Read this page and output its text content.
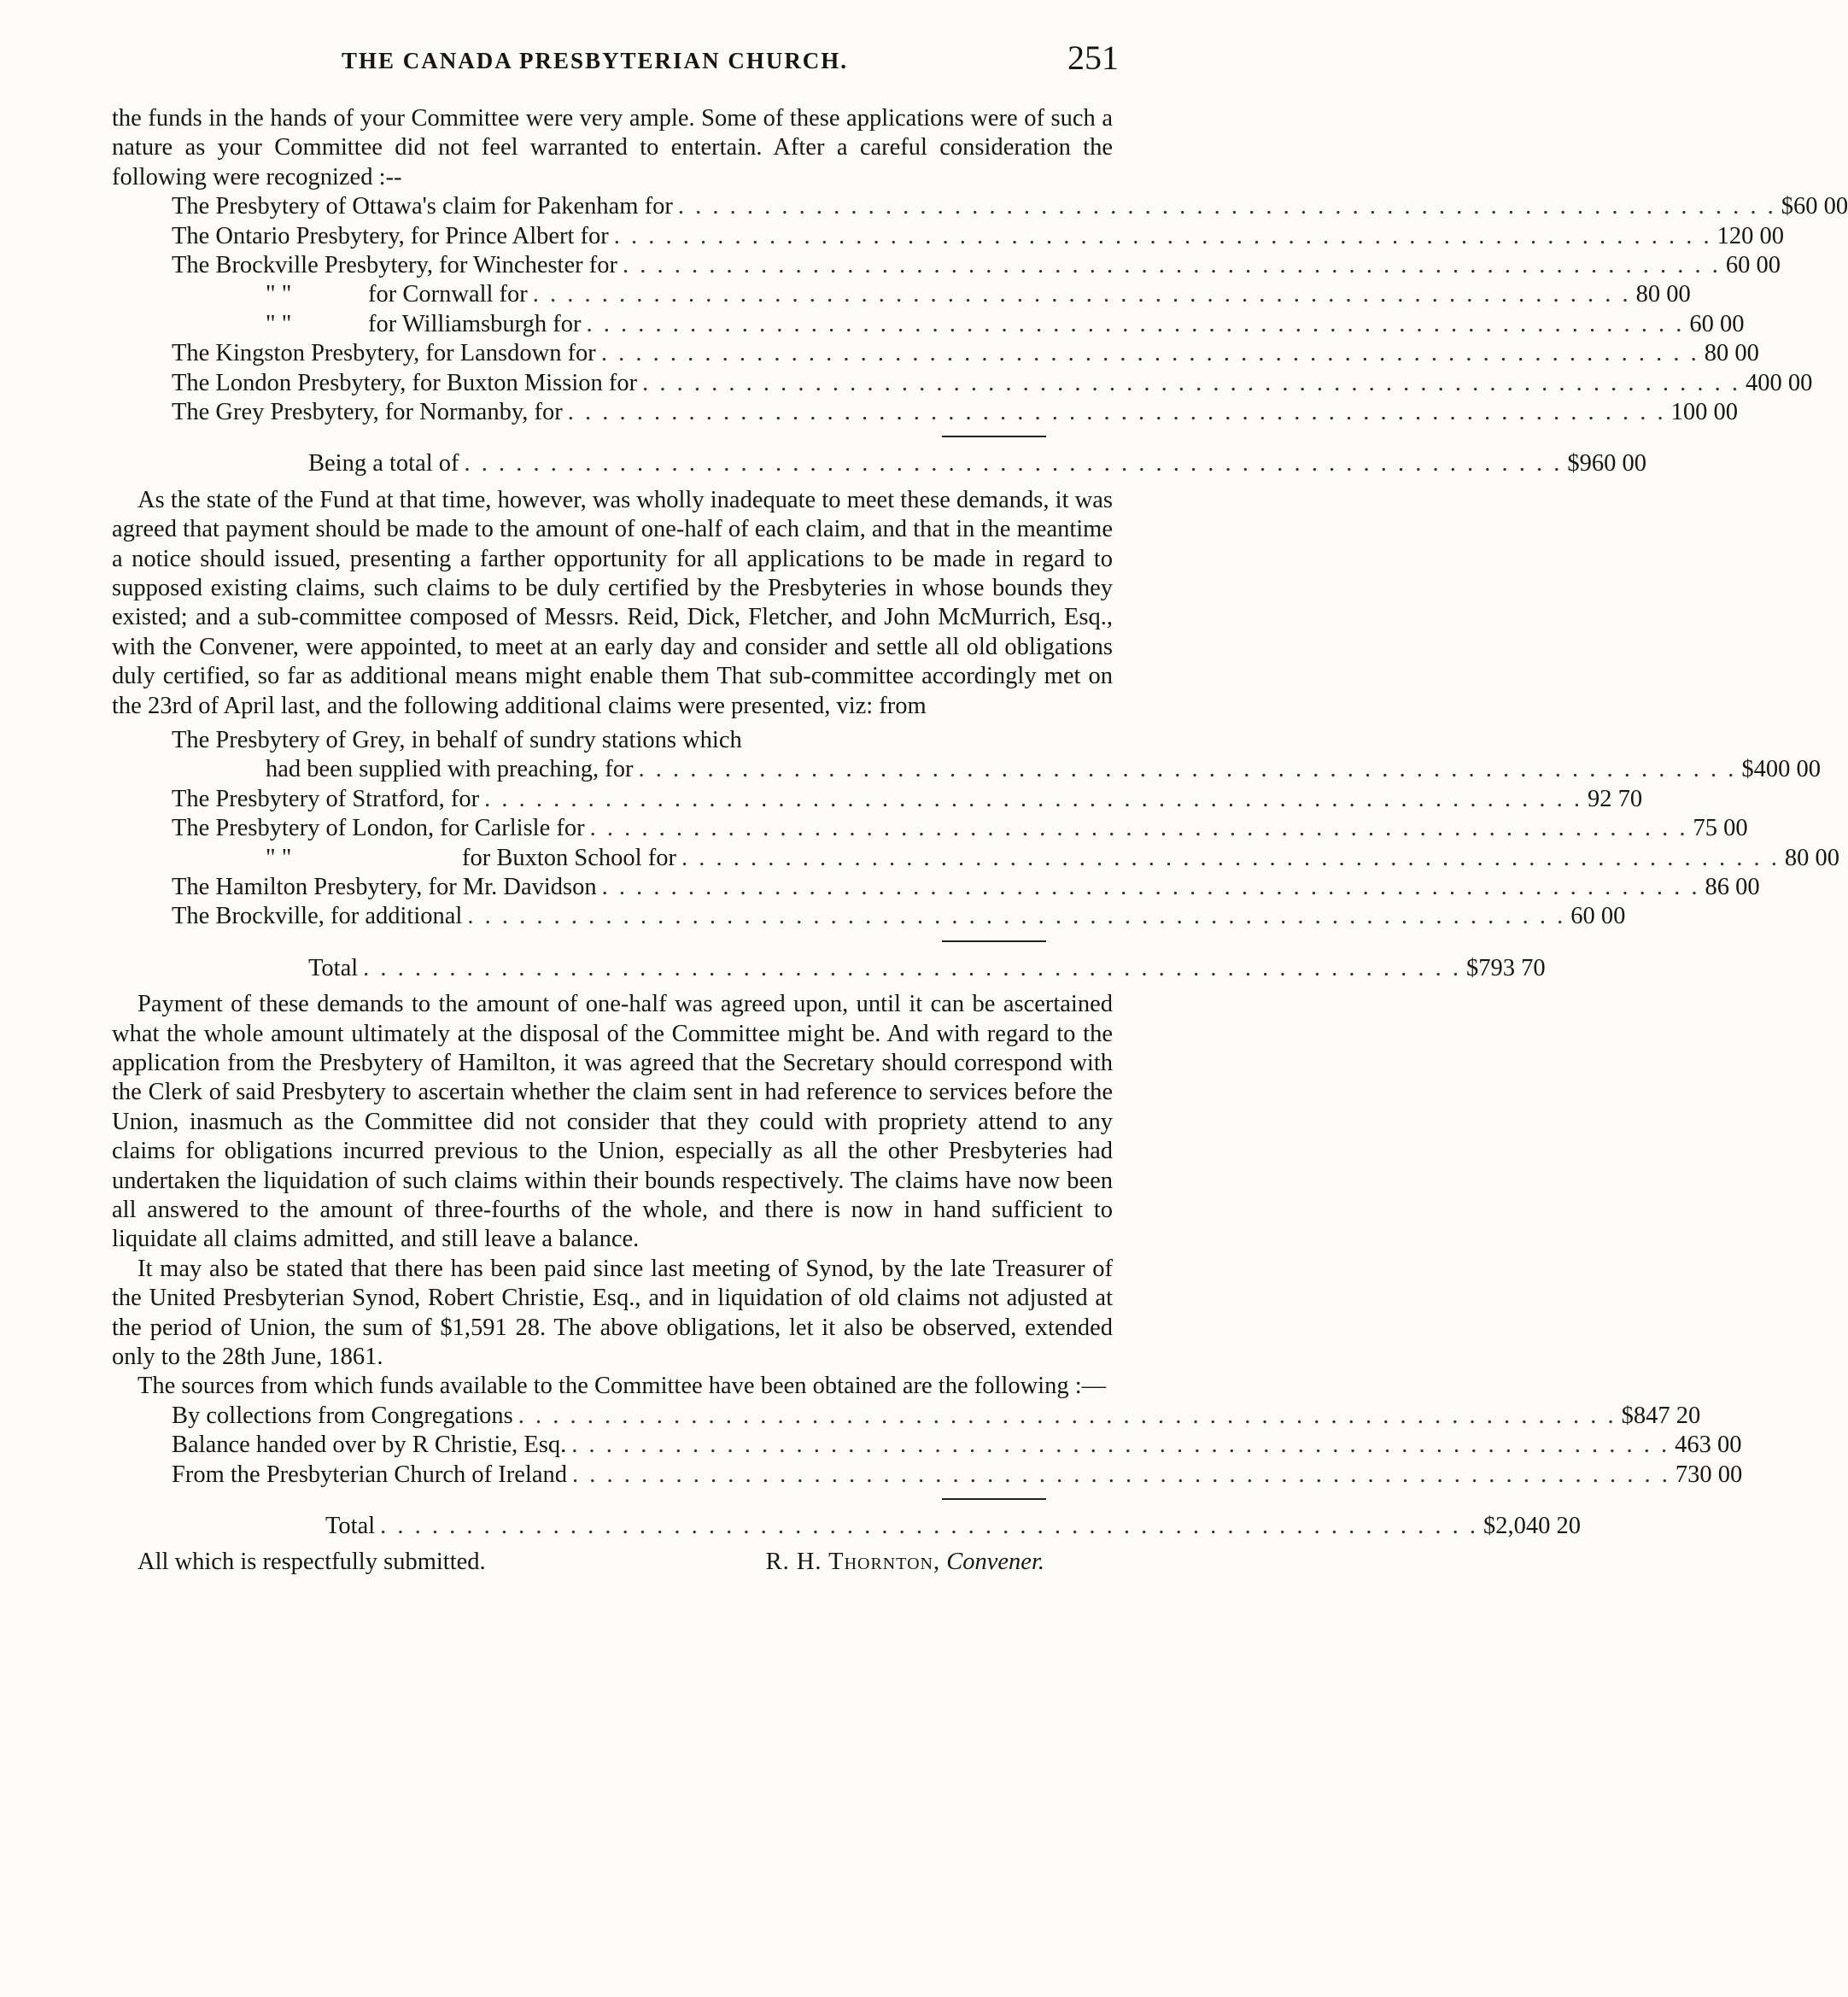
THE CANADA PRESBYTERIAN CHURCH.	251

the funds in the hands of your Committee were very ample. Some of these applications were of such a nature as your Committee did not feel warranted to entertain. After a careful consideration the following were recognized :--

The Presbytery of Ottawa's claim for Pakenham for . . .	$60 00
The Ontario Presbytery, for Prince Albert for . . .	120 00
The Brockville Presbytery, for Winchester for . . .	60 00
" "	for Cornwall for . . .	80 00
" "	for Williamsburgh for . . .	60 00
The Kingston Presbytery, for Lansdown for . . .	80 00
The London Presbytery, for Buxton Mission for . . .	400 00
The Grey Presbytery, for Normanby, for . . .	100 00
Being a total of . . .	$960 00

As the state of the Fund at that time, however, was wholly inadequate to meet these demands, it was agreed that payment should be made to the amount of one-half of each claim, and that in the meantime a notice should issued, presenting a farther opportunity for all applications to be made in regard to supposed existing claims, such claims to be duly certified by the Presbyteries in whose bounds they existed; and a sub-committee composed of Messrs. Reid, Dick, Fletcher, and John McMurrich, Esq., with the Convener, were appointed, to meet at an early day and consider and settle all old obligations duly certified, so far as additional means might enable them That sub-committee accordingly met on the 23rd of April last, and the following additional claims were presented, viz: from

The Presbytery of Grey, in behalf of sundry stations which
had been supplied with preaching, for . . .	$400 00
The Presbytery of Stratford, for . . .	92 70
The Presbytery of London, for Carlisle for . . .	75 00
" "	for Buxton School for . . .	80 00
The Hamilton Presbytery, for Mr. Davidson . . .	86 00
The Brockville, for additional . . .	60 00
Total . . .	$793 70

Payment of these demands to the amount of one-half was agreed upon, until it can be ascertained what the whole amount ultimately at the disposal of the Committee might be. And with regard to the application from the Presbytery of Hamilton, it was agreed that the Secretary should correspond with the Clerk of said Presbytery to ascertain whether the claim sent in had reference to services before the Union, inasmuch as the Committee did not consider that they could with propriety attend to any claims for obligations incurred previous to the Union, especially as all the other Presbyteries had undertaken the liquidation of such claims within their bounds respectively. The claims have now been all answered to the amount of three-fourths of the whole, and there is now in hand sufficient to liquidate all claims admitted, and still leave a balance.

It may also be stated that there has been paid since last meeting of Synod, by the late Treasurer of the United Presbyterian Synod, Robert Christie, Esq., and in liquidation of old claims not adjusted at the period of Union, the sum of $1,591 28. The above obligations, let it also be observed, extended only to the 28th June, 1861.

The sources from which funds available to the Committee have been obtained are the following :—

By collections from Congregations . . .	$847 20
Balance handed over by R Christie, Esq. . . .	463 00
From the Presbyterian Church of Ireland . . .	730 00
Total . . .	$2,040 20
All which is respectfully submitted.	R. H. Thornton, Convener.
